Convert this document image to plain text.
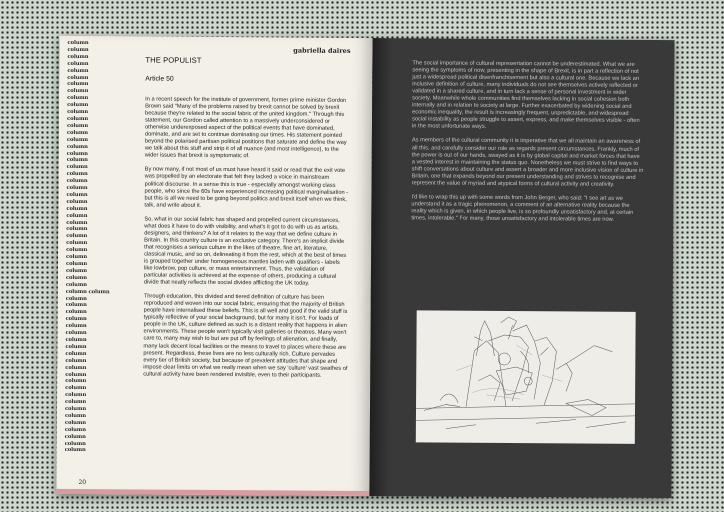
column
column
column
column
column
column
column
column
column
column
column
column
column
column
column
column
column
column
column
column
column
column
column
column
column
column
column
column
column
column
column
column
column
column
column
column
column column
column
column
column
column
column
column
column
column
column
column
column
column
column
column
column
column
column
column
column
column
column
column
column
gabriella daires
THE POPULIST
Article 50

In a recent speech for the institute of government, former prime minister Gordon Brown said "Many of the problems raised by brexit cannot be solved by brexit because they're related to the social fabric of the united kingdom." Through this statement, our Gordon called attention to a massively underconsidered or otherwise underexposed aspect of the political events that have dominated, dominate, and are set to continue dominating our times. His statement pointed beyond the polarised partisan political positions that saturate and define the way we talk about this stuff and strip it of all nuance (and most intelligence), to the wider issues that brexit is symptomatic of.

By now many, if not most of us must have heard it said or read that the exit vote was propelled by an electorate that felt they lacked a voice in mainstream political discourse. In a sense this is true - especially amongst working class people, who since the 60s have experienced increasing political marginalisation - but this is all we need to be going beyond politics and brexit itself when we think, talk, and write about it.

So, what in our social fabric has shaped and propelled current circumstances, what does it have to do with visibility, and what's it got to do with us as artists, designers, and thinkers? A lot of it relates to the way that we define culture in Britain. In this country culture is an exclusive category. There's an implicit divide that recognises a serious culture in the likes of theatre, fine art, literature, classical music, and so on, delineating it from the rest, which at the best of times is grouped together under homogeneous mantles laden with qualifiers - labels like lowbrow, pop culture, or mass entertainment. Thus, the validation of particular activities is achieved at the expense of others, producing a cultural divide that neatly reflects the social divides afflicting the UK today.

Through education, this divided and tiered definition of culture has been reproduced and woven into our social fabric, ensuring that the majority of British people have internalised these beliefs. This is all well and good if the valid stuff is typically reflective of your social background, but for many it isn't. For loads of people in the UK, culture defined as such is a distant reality that happens in alien environments. These people won't typically visit galleries or theatres. Many won't care to, many may wish to but are put off by feelings of alienation, and finally, many lack decent local facilities or the means to travel to places where these are present. Regardless, these lives are no less culturally rich. Culture pervades every tier of British society, but because of prevalent attitudes that shape and impose clear limits on what we really mean when we say 'culture' vast swathes of cultural activity have been rendered invisible, even to their participants.

20

The social importance of cultural representation cannot be underestimated. What we are seeing the symptoms of now, presenting in the shape of Brexit, is in part a reflection of not just a widespread political disenfranchisement but also a cultural one. Because we lack an inclusive definition of culture, many individuals do not see themselves actively reflected or validated in a shared culture, and in turn lack a sense of personal investment in wider society. Meanwhile whole communities find themselves lacking in social cohesion both internally and in relation to society at large. Further exacerbated by widening social and economic inequality, the result is increasingly frequent, unpredictable, and widespread social instability as people struggle to assert, express, and make themselves visible - often in the most unfortunate ways.

As members of the cultural community it is imperative that we all maintain an awareness of all this, and carefully consider our role as regards present circumstances. Frankly, much of the power is out of our hands, swayed as it is by global capital and market forces that have a vested interest in maintaining the status quo. Nonetheless we must strive to find ways to shift conversations about culture and assert a broader and more inclusive vision of culture in Britain, one that expands beyond our present understanding and strives to recognise and represent the value of myriad and atypical forms of cultural activity and creativity.

I'd like to wrap this up with some words from John Berger, who said: "I see art as we understand it as a tragic phenomenon, a comment of an alternative reality because the reality which is given, in which people live, is so profoundly unsatisfactory and, at certain times, intolerable." For many, those unsatisfactory and intolerable times are now.
